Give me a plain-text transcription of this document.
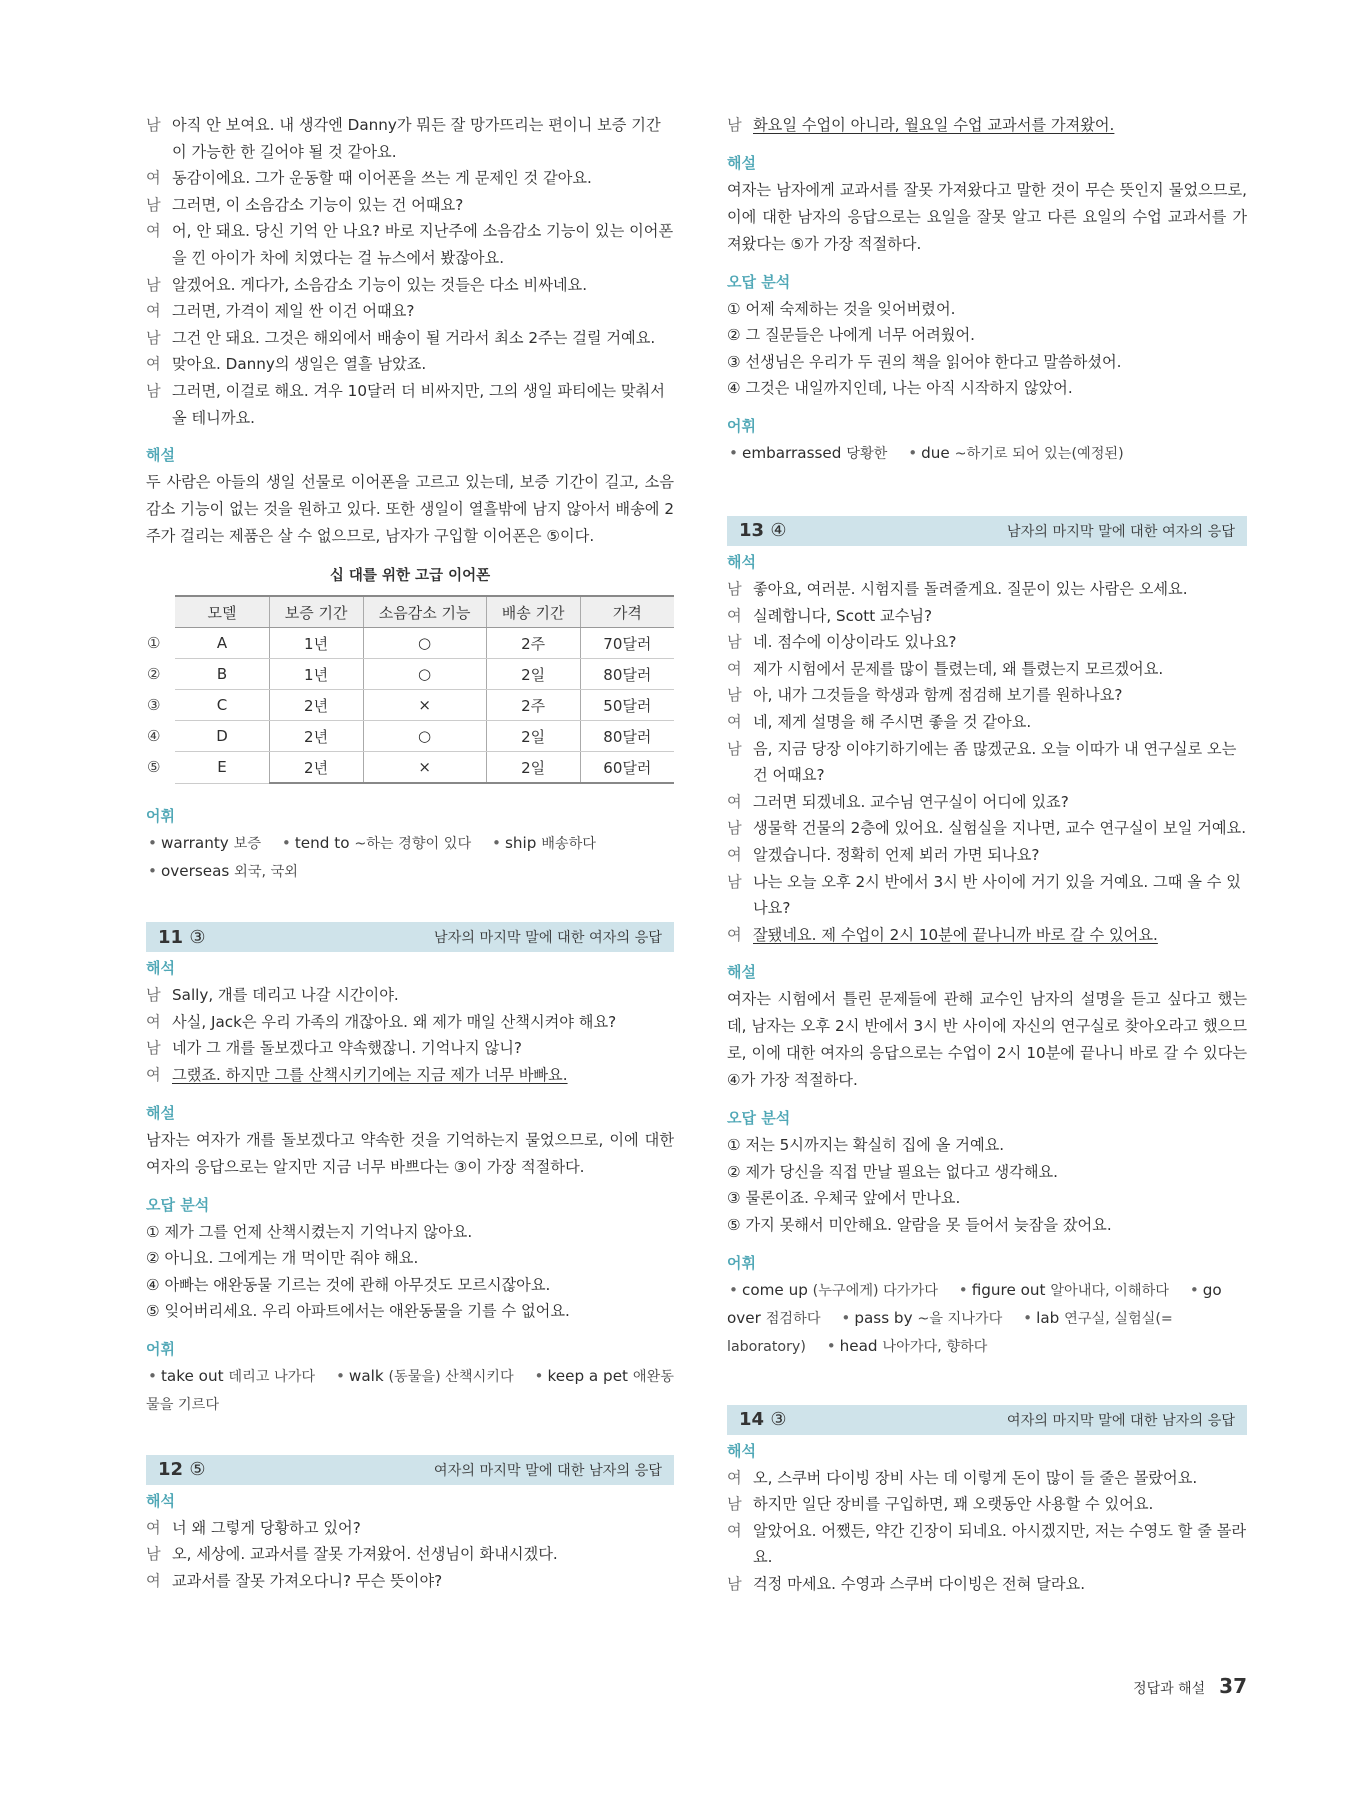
남 아직 안 보여요. 내 생각엔 Danny가 뭐든 잘 망가뜨리는 편이니 보증 기간이 가능한 한 길어야 될 것 같아요.
여 동감이에요. 그가 운동할 때 이어폰을 쓰는 게 문제인 것 같아요.
남 그러면, 이 소음감소 기능이 있는 건 어때요?
여 어, 안 돼요. 당신 기억 안 나요? 바로 지난주에 소음감소 기능이 있는 이어폰을 낀 아이가 차에 치였다는 걸 뉴스에서 봤잖아요.
남 알겠어요. 게다가, 소음감소 기능이 있는 것들은 다소 비싸네요.
여 그러면, 가격이 제일 싼 이건 어때요?
남 그건 안 돼요. 그것은 해외에서 배송이 될 거라서 최소 2주는 걸릴 거예요.
여 맞아요. Danny의 생일은 열흘 남았죠.
남 그러면, 이걸로 해요. 겨우 10달러 더 비싸지만, 그의 생일 파티에는 맞춰서 올 테니까요.
해설
두 사람은 아들의 생일 선물로 이어폰을 고르고 있는데, 보증 기간이 길고, 소음감소 기능이 없는 것을 원하고 있다. 또한 생일이 열흘밖에 남지 않아서 배송에 2주가 걸리는 제품은 살 수 없으므로, 남자가 구입할 이어폰은 ⑤이다.
십 대를 위한 고급 이어폰
	모델	보증 기간	소음감소 기능	배송 기간	가격
①	A	1년	○	2주	70달러
②	B	1년	○	2일	80달러
③	C	2년	×	2주	50달러
④	D	2년	○	2일	80달러
⑤	E	2년	×	2일	60달러
어휘
• warranty 보증 • tend to ~하는 경향이 있다 • ship 배송하다 • overseas 외국, 국외
11 ③	남자의 마지막 말에 대한 여자의 응답
해석
남 Sally, 개를 데리고 나갈 시간이야.
여 사실, Jack은 우리 가족의 개잖아요. 왜 제가 매일 산책시켜야 해요?
남 네가 그 개를 돌보겠다고 약속했잖니. 기억나지 않니?
여 그랬죠. 하지만 그를 산책시키기에는 지금 제가 너무 바빠요.
해설
남자는 여자가 개를 돌보겠다고 약속한 것을 기억하는지 물었으므로, 이에 대한 여자의 응답으로는 알지만 지금 너무 바쁘다는 ③이 가장 적절하다.
오답 분석
① 제가 그를 언제 산책시켰는지 기억나지 않아요.
② 아니요. 그에게는 개 먹이만 줘야 해요.
④ 아빠는 애완동물 기르는 것에 관해 아무것도 모르시잖아요.
⑤ 잊어버리세요. 우리 아파트에서는 애완동물을 기를 수 없어요.
어휘
• take out 데리고 나가다 • walk (동물을) 산책시키다 • keep a pet 애완동물을 기르다
12 ⑤	여자의 마지막 말에 대한 남자의 응답
해석
여 너 왜 그렇게 당황하고 있어?
남 오, 세상에. 교과서를 잘못 가져왔어. 선생님이 화내시겠다.
여 교과서를 잘못 가져오다니? 무슨 뜻이야?
남 화요일 수업이 아니라, 월요일 수업 교과서를 가져왔어.
해설
여자는 남자에게 교과서를 잘못 가져왔다고 말한 것이 무슨 뜻인지 물었으므로, 이에 대한 남자의 응답으로는 요일을 잘못 알고 다른 요일의 수업 교과서를 가져왔다는 ⑤가 가장 적절하다.
오답 분석
① 어제 숙제하는 것을 잊어버렸어.
② 그 질문들은 나에게 너무 어려웠어.
③ 선생님은 우리가 두 권의 책을 읽어야 한다고 말씀하셨어.
④ 그것은 내일까지인데, 나는 아직 시작하지 않았어.
어휘
• embarrassed 당황한 • due ~하기로 되어 있는(예정된)
13 ④	남자의 마지막 말에 대한 여자의 응답
해석
남 좋아요, 여러분. 시험지를 돌려줄게요. 질문이 있는 사람은 오세요.
여 실례합니다, Scott 교수님?
남 네. 점수에 이상이라도 있나요?
여 제가 시험에서 문제를 많이 틀렸는데, 왜 틀렸는지 모르겠어요.
남 아, 내가 그것들을 학생과 함께 점검해 보기를 원하나요?
여 네, 제게 설명을 해 주시면 좋을 것 같아요.
남 음, 지금 당장 이야기하기에는 좀 많겠군요. 오늘 이따가 내 연구실로 오는 건 어때요?
여 그러면 되겠네요. 교수님 연구실이 어디에 있죠?
남 생물학 건물의 2층에 있어요. 실험실을 지나면, 교수 연구실이 보일 거예요.
여 알겠습니다. 정확히 언제 뵈러 가면 되나요?
남 나는 오늘 오후 2시 반에서 3시 반 사이에 거기 있을 거예요. 그때 올 수 있나요?
여 잘됐네요. 제 수업이 2시 10분에 끝나니까 바로 갈 수 있어요.
해설
여자는 시험에서 틀린 문제들에 관해 교수인 남자의 설명을 듣고 싶다고 했는데, 남자는 오후 2시 반에서 3시 반 사이에 자신의 연구실로 찾아오라고 했으므로, 이에 대한 여자의 응답으로는 수업이 2시 10분에 끝나니 바로 갈 수 있다는 ④가 가장 적절하다.
오답 분석
① 저는 5시까지는 확실히 집에 올 거예요.
② 제가 당신을 직접 만날 필요는 없다고 생각해요.
③ 물론이죠. 우체국 앞에서 만나요.
⑤ 가지 못해서 미안해요. 알람을 못 들어서 늦잠을 잤어요.
어휘
• come up (누구에게) 다가가다 • figure out 알아내다, 이해하다 • go over 점검하다 • pass by ~을 지나가다 • lab 연구실, 실험실(= laboratory) • head 나아가다, 향하다
14 ③	여자의 마지막 말에 대한 남자의 응답
해석
여 오, 스쿠버 다이빙 장비 사는 데 이렇게 돈이 많이 들 줄은 몰랐어요.
남 하지만 일단 장비를 구입하면, 꽤 오랫동안 사용할 수 있어요.
여 알았어요. 어쨌든, 약간 긴장이 되네요. 아시겠지만, 저는 수영도 할 줄 몰라요.
남 걱정 마세요. 수영과 스쿠버 다이빙은 전혀 달라요.
정답과 해설 37
